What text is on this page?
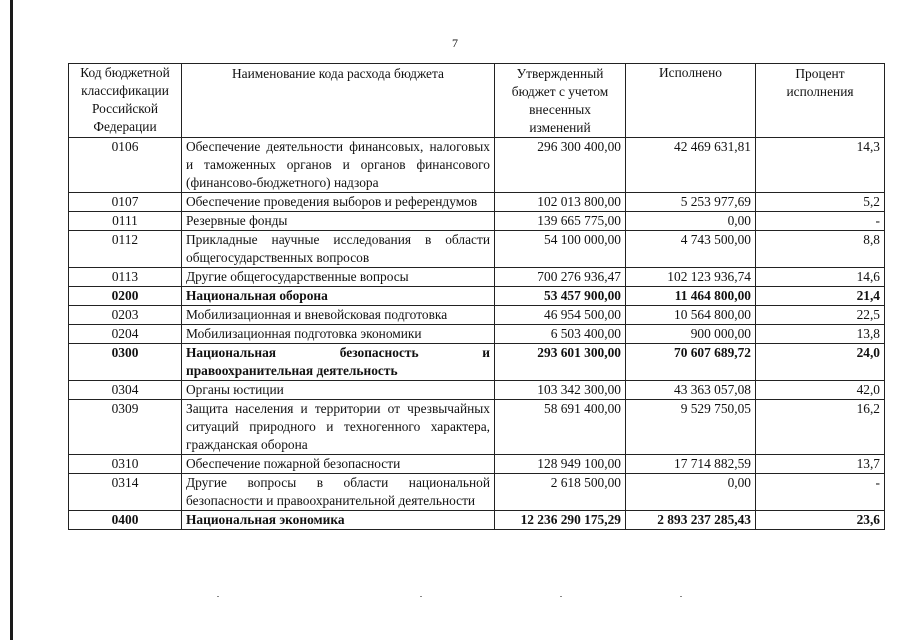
7
Код бюджетной классификации Российской Федерации	Наименование кода расхода бюджета	Утвержденный бюджет с учетом внесенных изменений	Исполнено	Процент исполнения
0106	Обеспечение деятельности финансовых, налоговых и таможенных органов и органов финансового (финансово-бюджетного) надзора	296 300 400,00	42 469 631,81	14,3
0107	Обеспечение проведения выборов и референдумов	102 013 800,00	5 253 977,69	5,2
0111	Резервные фонды	139 665 775,00	0,00	-
0112	Прикладные научные исследования в области общегосударственных вопросов	54 100 000,00	4 743 500,00	8,8
0113	Другие общегосударственные вопросы	700 276 936,47	102 123 936,74	14,6
0200	Национальная оборона	53 457 900,00	11 464 800,00	21,4
0203	Мобилизационная и вневойсковая подготовка	46 954 500,00	10 564 800,00	22,5
0204	Мобилизационная подготовка экономики	6 503 400,00	900 000,00	13,8
0300	Национальная безопасность и правоохранительная деятельность	293 601 300,00	70 607 689,72	24,0
0304	Органы юстиции	103 342 300,00	43 363 057,08	42,0
0309	Защита населения и территории от чрезвычайных ситуаций природного и техногенного характера, гражданская оборона	58 691 400,00	9 529 750,05	16,2
0310	Обеспечение пожарной безопасности	128 949 100,00	17 714 882,59	13,7
0314	Другие вопросы в области национальной безопасности и правоохранительной деятельности	2 618 500,00	0,00	-
0400	Национальная экономика	12 236 290 175,29	2 893 237 285,43	23,6
